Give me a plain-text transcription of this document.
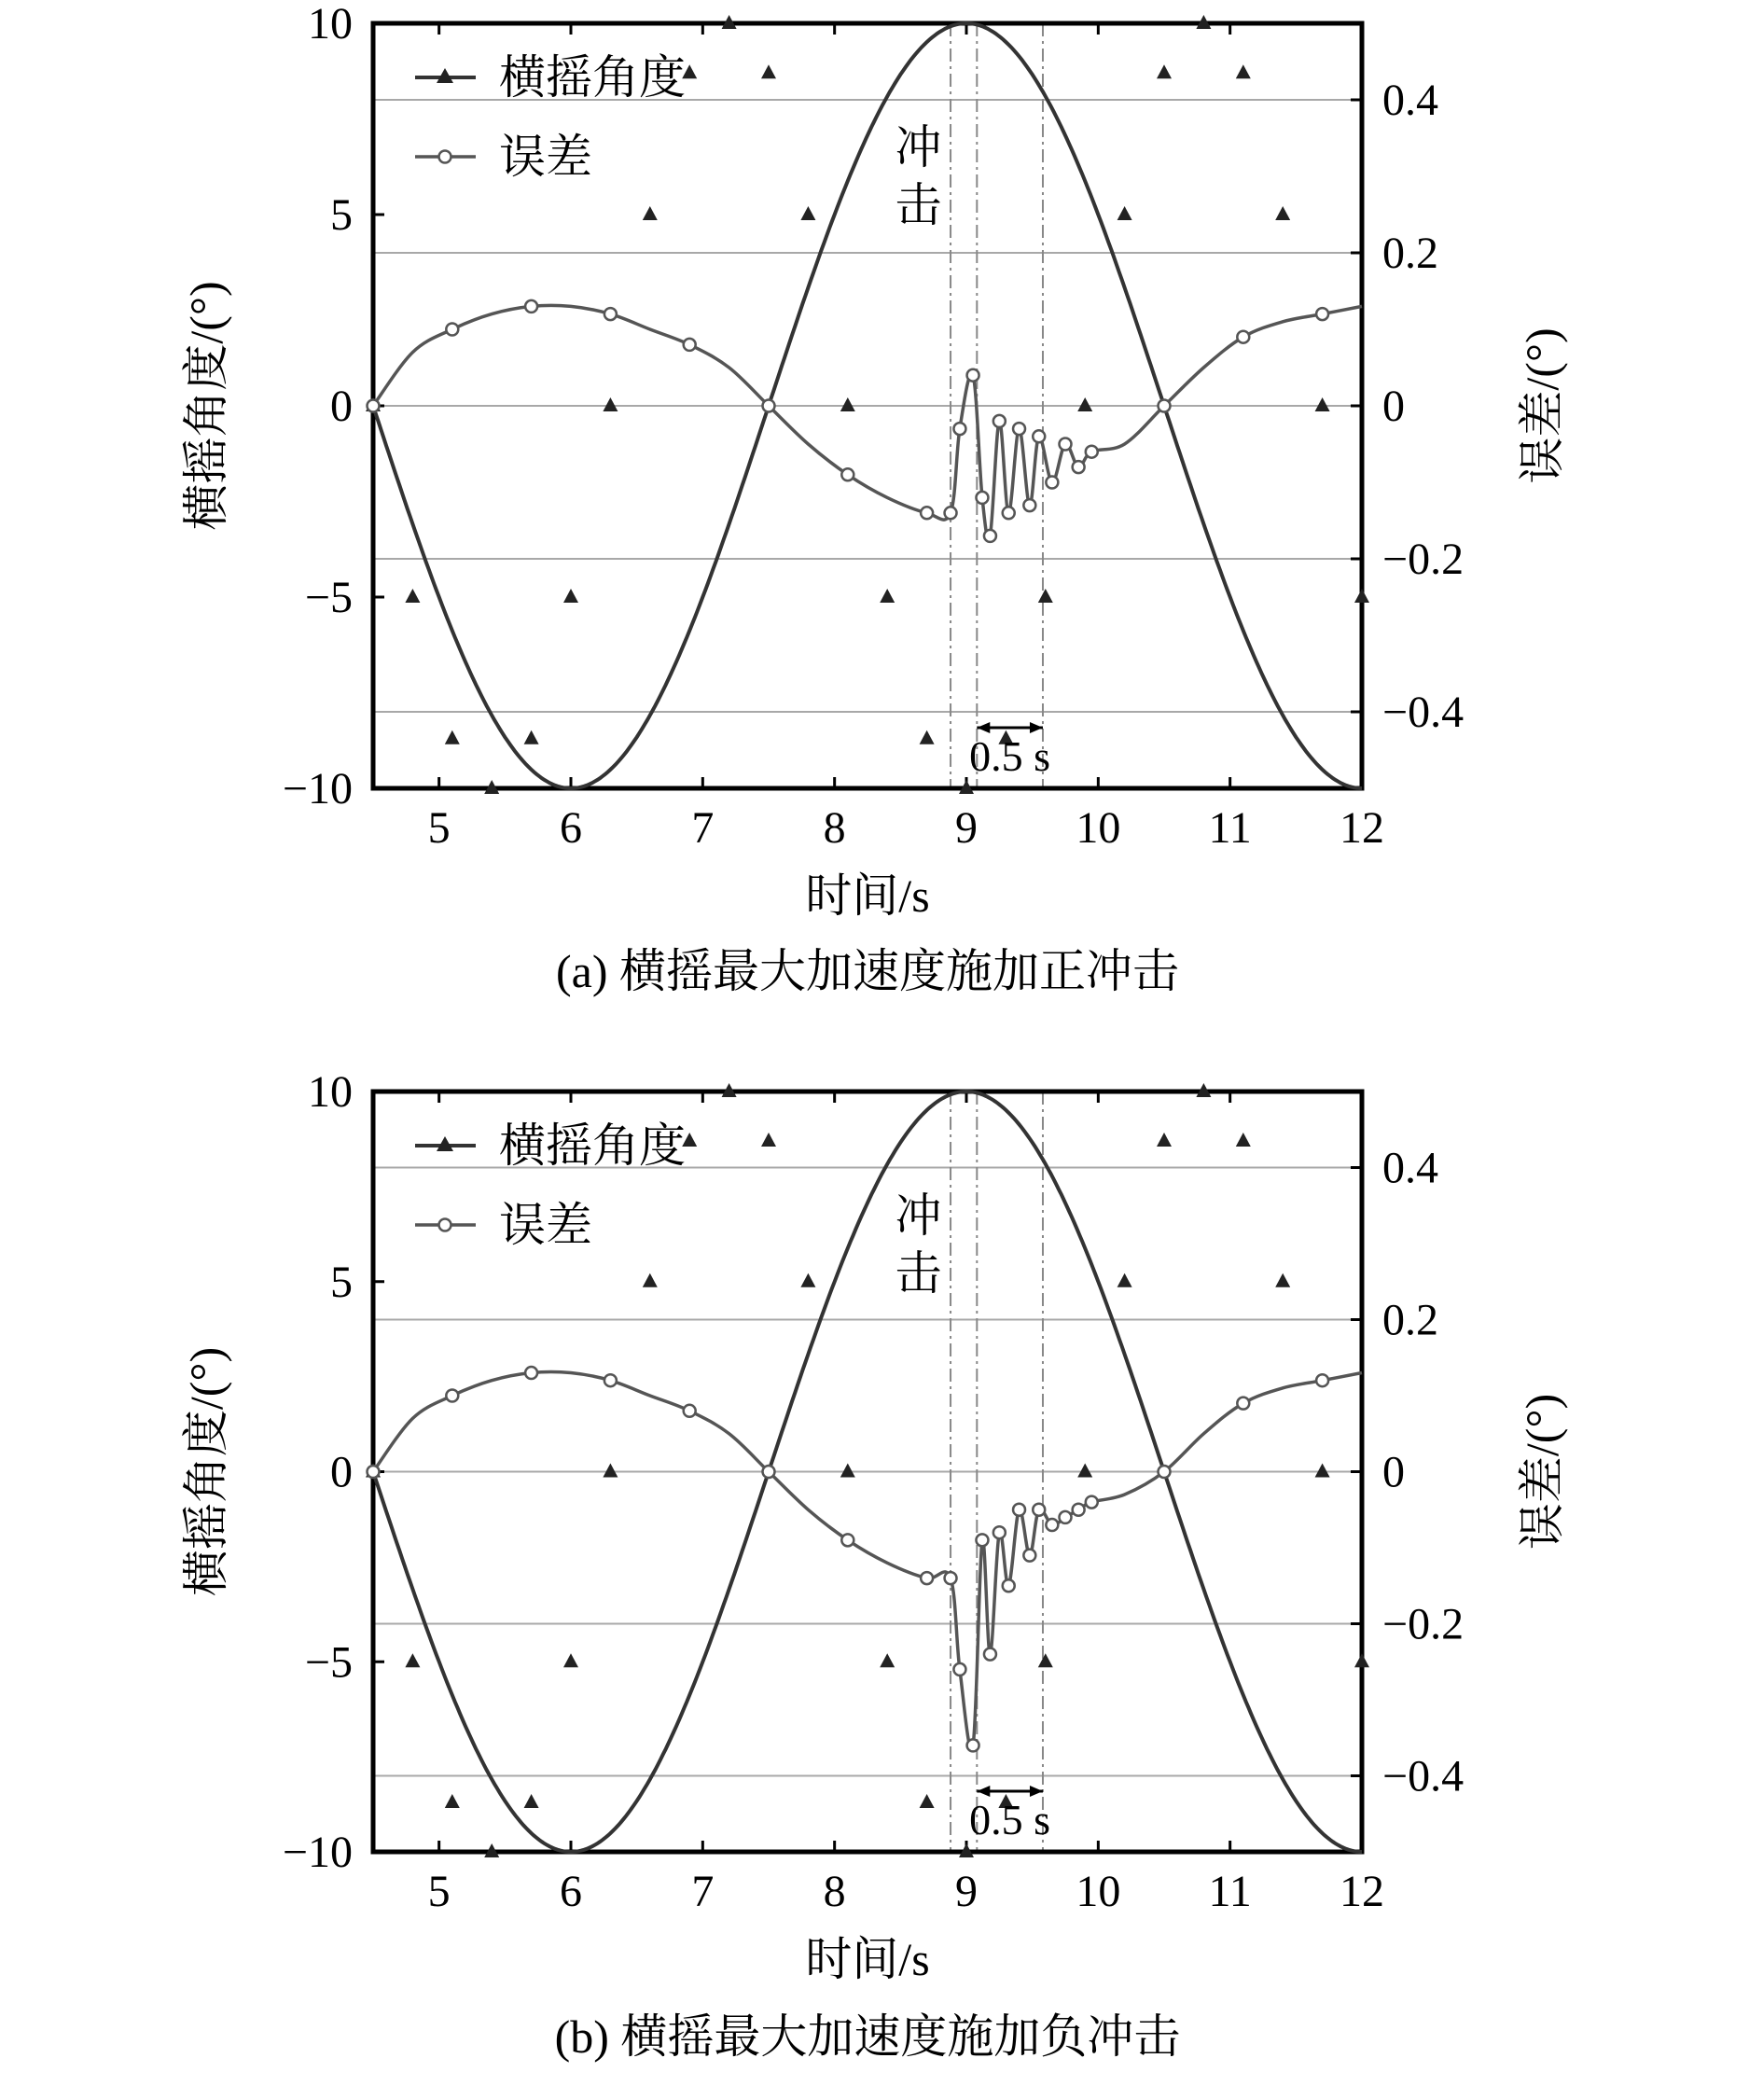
5 6 7 8 9 10 11 12
10
5
0
−5
−10
0.4
0.2
0
−0.2
−0.4
时间/s
横摇角度/(°)	误差/(°)
横摇角度
误差	冲
击
0.5 s
(a) 横摇最大加速度施加正冲击
5 6 7 8 9 10 11 12
10
5
0
−5
−10
0.4
0.2
0
−0.2
−0.4
时间/s
横摇角度/(°)	误差/(°)
横摇角度
误差	冲
击
0.5 s
(b) 横摇最大加速度施加负冲击
